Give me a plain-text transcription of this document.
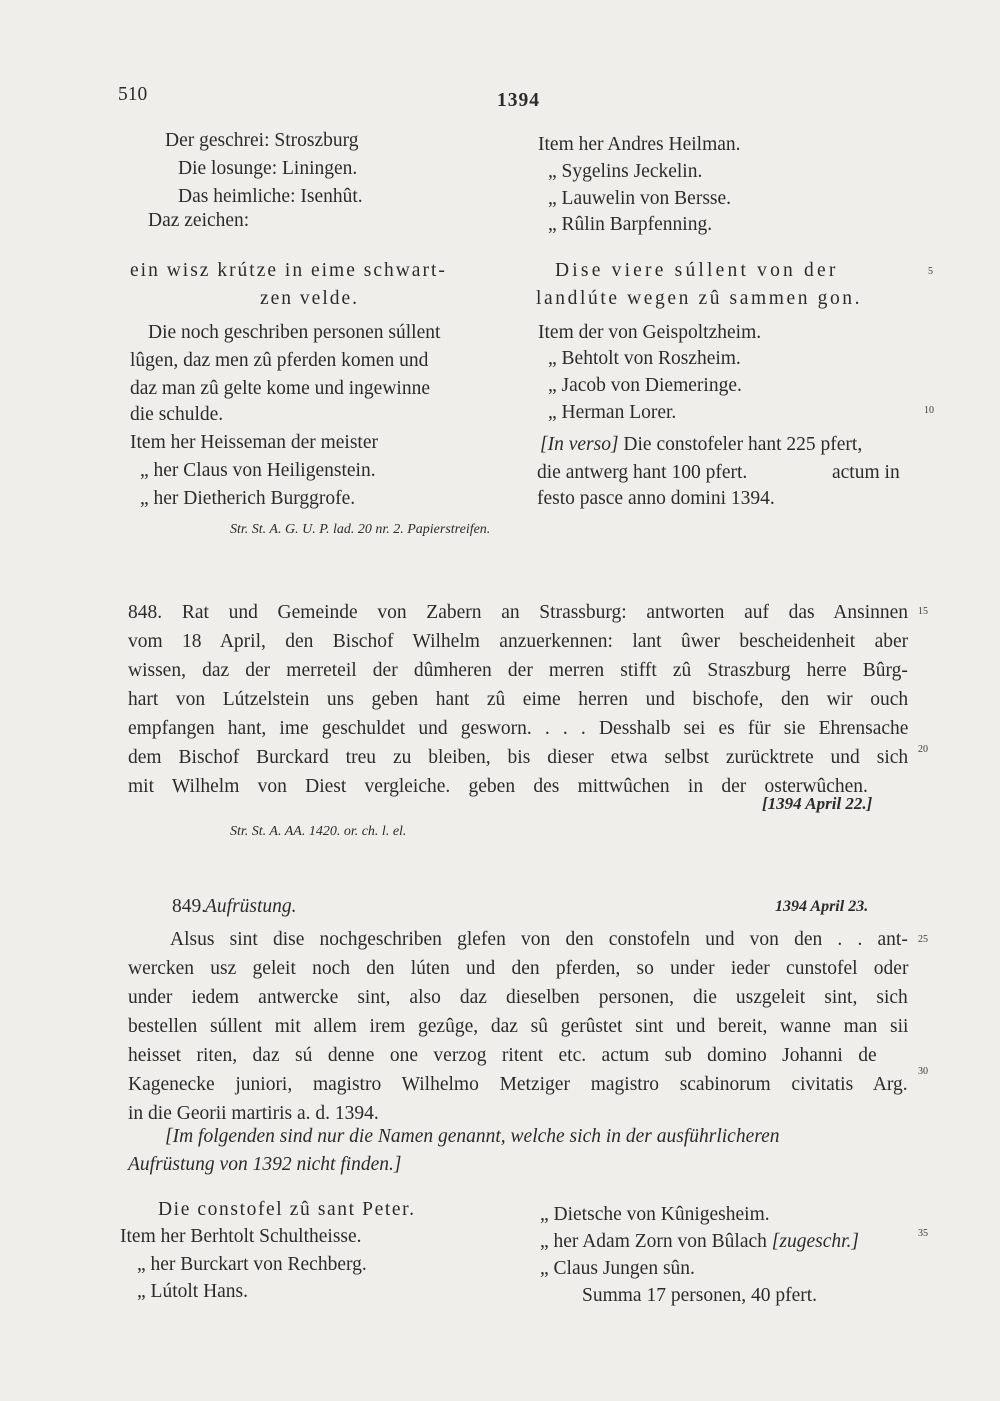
510	1394
Der geschrei: Stroszburg
Die losunge: Liningen.
Das heimliche: Isenhût.
Daz zeichen:
ein wisz krútze in eime schwart-
zen velde.
Die noch geschriben personen súllent
lûgen, daz men zû pferden komen und
daz man zû gelte kome und ingewinne
die schulde.
Item her Heisseman der meister
„ her Claus von Heiligenstein.
„ her Dietherich Burggrofe.
Item her Andres Heilman.
„ Sygelins Jeckelin.
„ Lauwelin von Bersse.
„ Rûlin Barpfenning.
Dise viere súllent von der
landlúte wegen zû sammen gon.
Item der von Geispoltzheim.
„ Behtolt von Roszheim.
„ Jacob von Diemeringe.
„ Herman Lorer.
[In verso] Die constofeler hant 225 pfert,
die antwerg hant 100 pfert.	actum in
festo pasce anno domini 1394.
Str. St. A. G. U. P. lad. 20 nr. 2. Papierstreifen.
848. Rat und Gemeinde von Zabern an Strassburg: antworten auf das Ansinnen
vom 18 April, den Bischof Wilhelm anzuerkennen: lant ûwer bescheidenheit aber
wissen, daz der merreteil der dûmheren der merren stifft zû Straszburg herre Bûrg-
hart von Lútzelstein uns geben hant zû eime herren und bischofe, den wir ouch
empfangen hant, ime geschuldet und gesworn. . . . Desshalb sei es für sie Ehrensache
dem Bischof Burckard treu zu bleiben, bis dieser etwa selbst zurücktrete und sich
mit Wilhelm von Diest vergleiche. geben des mittwûchen in der osterwûchen.
[1394 April 22.]
Str. St. A. AA. 1420. or. ch. l. el.
849.
Aufrüstung.	1394 April 23.
Alsus sint dise nochgeschriben glefen von den constofeln und von den . . ant-
wercken usz geleit noch den lúten und den pferden, so under ieder cunstofel oder
under iedem antwercke sint, also daz dieselben personen, die uszgeleit sint, sich
bestellen súllent mit allem irem gezûge, daz sû gerûstet sint und bereit, wanne man sii
heisset riten, daz sú denne one verzog ritent etc. actum sub domino Johanni de
Kagenecke juniori, magistro Wilhelmo Metziger magistro scabinorum civitatis Arg.
in die Georii martiris a. d. 1394.
[Im folgenden sind nur die Namen genannt, welche sich in der ausführlicheren
Aufrüstung von 1392 nicht finden.]
Die constofel zû sant Peter.
Item her Berhtolt Schultheisse.
„ her Burckart von Rechberg.
„ Lútolt Hans.
„ Dietsche von Kûnigesheim.
„ her Adam Zorn von Bûlach [zugeschr.]
„ Claus Jungen sûn.
Summa 17 personen, 40 pfert.
5
10
15
20
25
30
35
